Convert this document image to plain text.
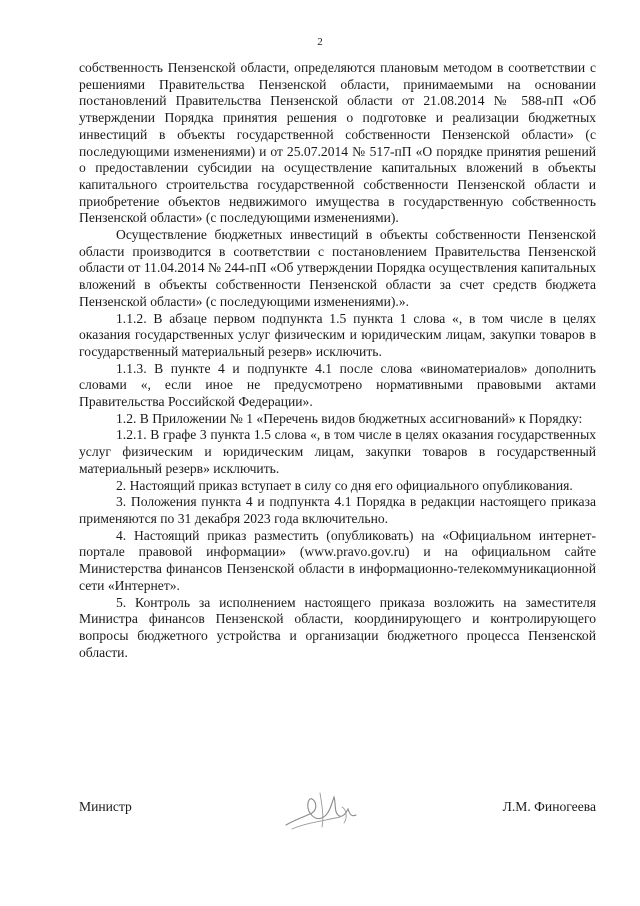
2

собственность Пензенской области, определяются плановым методом в соответствии с решениями Правительства Пензенской области, принимаемыми на основании постановлений Правительства Пензенской области от 21.08.2014 № 588-пП «Об утверждении Порядка принятия решения о подготовке и реализации бюджетных инвестиций в объекты государственной собственности Пензенской области» (с последующими изменениями) и от 25.07.2014 № 517-пП «О порядке принятия решений о предоставлении субсидии на осуществление капитальных вложений в объекты капитального строительства государственной собственности Пензенской области и приобретение объектов недвижимого имущества в государственную собственность Пензенской области» (с последующими изменениями).

Осуществление бюджетных инвестиций в объекты собственности Пензенской области производится в соответствии с постановлением Правительства Пензенской области от 11.04.2014 № 244-пП «Об утверждении Порядка осуществления капитальных вложений в объекты собственности Пензенской области за счет средств бюджета Пензенской области» (с последующими изменениями).».

1.1.2. В абзаце первом подпункта 1.5 пункта 1 слова «, в том числе в целях оказания государственных услуг физическим и юридическим лицам, закупки товаров в государственный материальный резерв» исключить.

1.1.3. В пункте 4 и подпункте 4.1 после слова «виноматериалов» дополнить словами «, если иное не предусмотрено нормативными правовыми актами Правительства Российской Федерации».

1.2. В Приложении № 1 «Перечень видов бюджетных ассигнований» к Порядку:

1.2.1. В графе 3 пункта 1.5 слова «, в том числе в целях оказания государственных услуг физическим и юридическим лицам, закупки товаров в государственный материальный резерв» исключить.

2. Настоящий приказ вступает в силу со дня его официального опубликования.

3. Положения пункта 4 и подпункта 4.1 Порядка в редакции настоящего приказа применяются по 31 декабря 2023 года включительно.

4. Настоящий приказ разместить (опубликовать) на «Официальном интернет-портале правовой информации» (www.pravo.gov.ru) и на официальном сайте Министерства финансов Пензенской области в информационно-телекоммуникационной сети «Интернет».

5. Контроль за исполнением настоящего приказа возложить на заместителя Министра финансов Пензенской области, координирующего и контролирующего вопросы бюджетного устройства и организации бюджетного процесса Пензенской области.

Министр	Л.М. Финогеева
